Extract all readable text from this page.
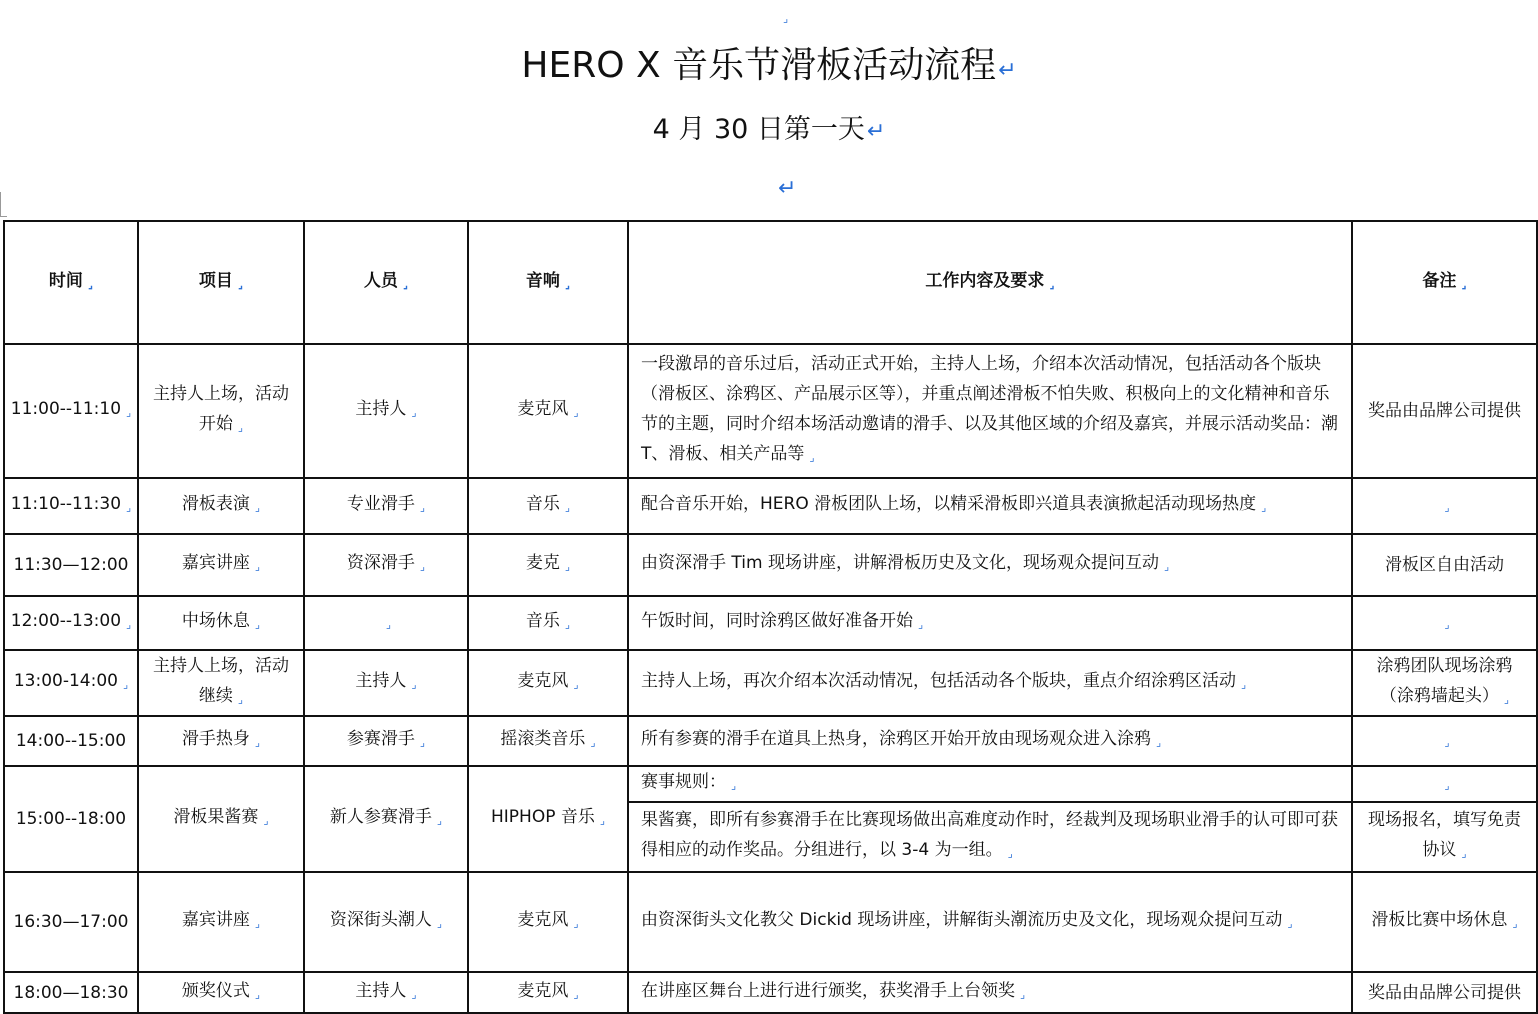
⌟
HERO X 音乐节滑板活动流程↵
4 月 30 日第一天↵
↵
时间 ⌟	项目 ⌟	人员 ⌟	音响 ⌟	工作内容及要求 ⌟	备注 ⌟
11:00--11:10 ⌟	主持人上场，活动开始 ⌟	主持人 ⌟	麦克风 ⌟	一段激昂的音乐过后，活动正式开始，主持人上场，介绍本次活动情况，包括活动各个版块（滑板区、涂鸦区、产品展示区等），并重点阐述滑板不怕失败、积极向上的文化精神和音乐节的主题，同时介绍本场活动邀请的滑手、以及其他区域的介绍及嘉宾，并展示活动奖品：潮 T、滑板、相关产品等 ⌟	奖品由品牌公司提供
11:10--11:30 ⌟	滑板表演 ⌟	专业滑手 ⌟	音乐 ⌟	配合音乐开始，HERO 滑板团队上场，以精采滑板即兴道具表演掀起活动现场热度 ⌟	⌟
11:30—12:00	嘉宾讲座 ⌟	资深滑手 ⌟	麦克 ⌟	由资深滑手 Tim 现场讲座，讲解滑板历史及文化，现场观众提问互动 ⌟	滑板区自由活动
12:00--13:00 ⌟	中场休息 ⌟	⌟	音乐 ⌟	午饭时间，同时涂鸦区做好准备开始 ⌟	⌟
13:00-14:00 ⌟	主持人上场，活动继续 ⌟	主持人 ⌟	麦克风 ⌟	主持人上场，再次介绍本次活动情况，包括活动各个版块，重点介绍涂鸦区活动 ⌟	涂鸦团队现场涂鸦（涂鸦墙起头） ⌟
14:00--15:00	滑手热身 ⌟	参赛滑手 ⌟	摇滚类音乐 ⌟	所有参赛的滑手在道具上热身，涂鸦区开始开放由现场观众进入涂鸦 ⌟	⌟
15:00--18:00	滑板果酱赛 ⌟	新人参赛滑手 ⌟	HIPHOP 音乐 ⌟	赛事规则： ⌟	⌟
				果酱赛，即所有参赛滑手在比赛现场做出高难度动作时，经裁判及现场职业滑手的认可即可获得相应的动作奖品。分组进行，以 3-4 为一组。 ⌟	现场报名，填写免责协议 ⌟
16:30—17:00	嘉宾讲座 ⌟	资深街头潮人 ⌟	麦克风 ⌟	由资深街头文化教父 Dickid 现场讲座，讲解街头潮流历史及文化，现场观众提问互动 ⌟	滑板比赛中场休息 ⌟
18:00—18:30	颁奖仪式 ⌟	主持人 ⌟	麦克风 ⌟	在讲座区舞台上进行进行颁奖，获奖滑手上台领奖 ⌟	奖品由品牌公司提供
